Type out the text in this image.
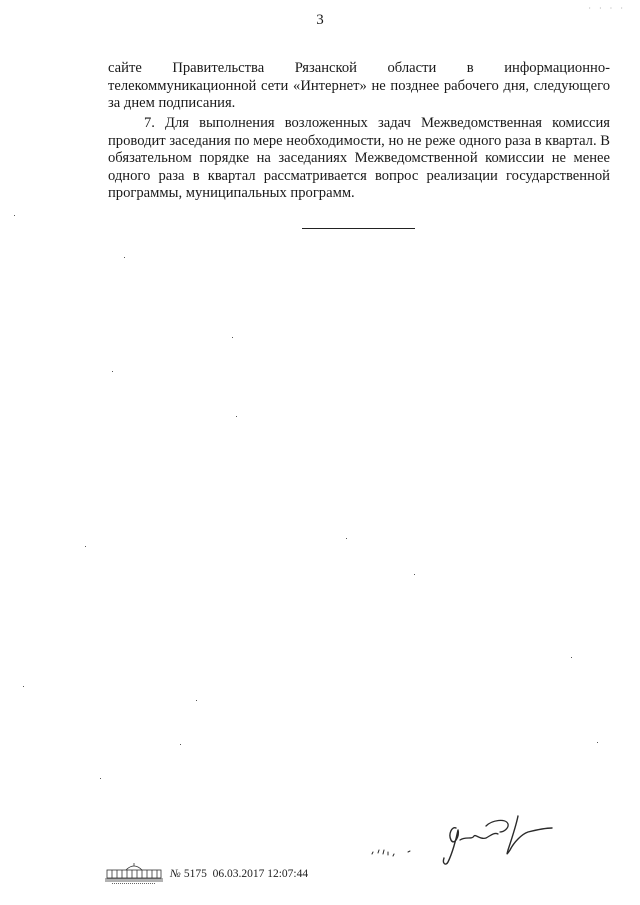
· · · ·
3

сайте Правительства Рязанской области в информационно-телекоммуникационной сети «Интернет» не позднее рабочего дня, следующего за днем подписания.

7. Для выполнения возложенных задач Межведомственная комиссия проводит заседания по мере необходимости, но не реже одного раза в квартал. В обязательном порядке на заседаниях Межведомственной комиссии не менее одного раза в квартал рассматривается вопрос реализации государственной программы, муниципальных программ.

№ 5175 06.03.2017 12:07:44
